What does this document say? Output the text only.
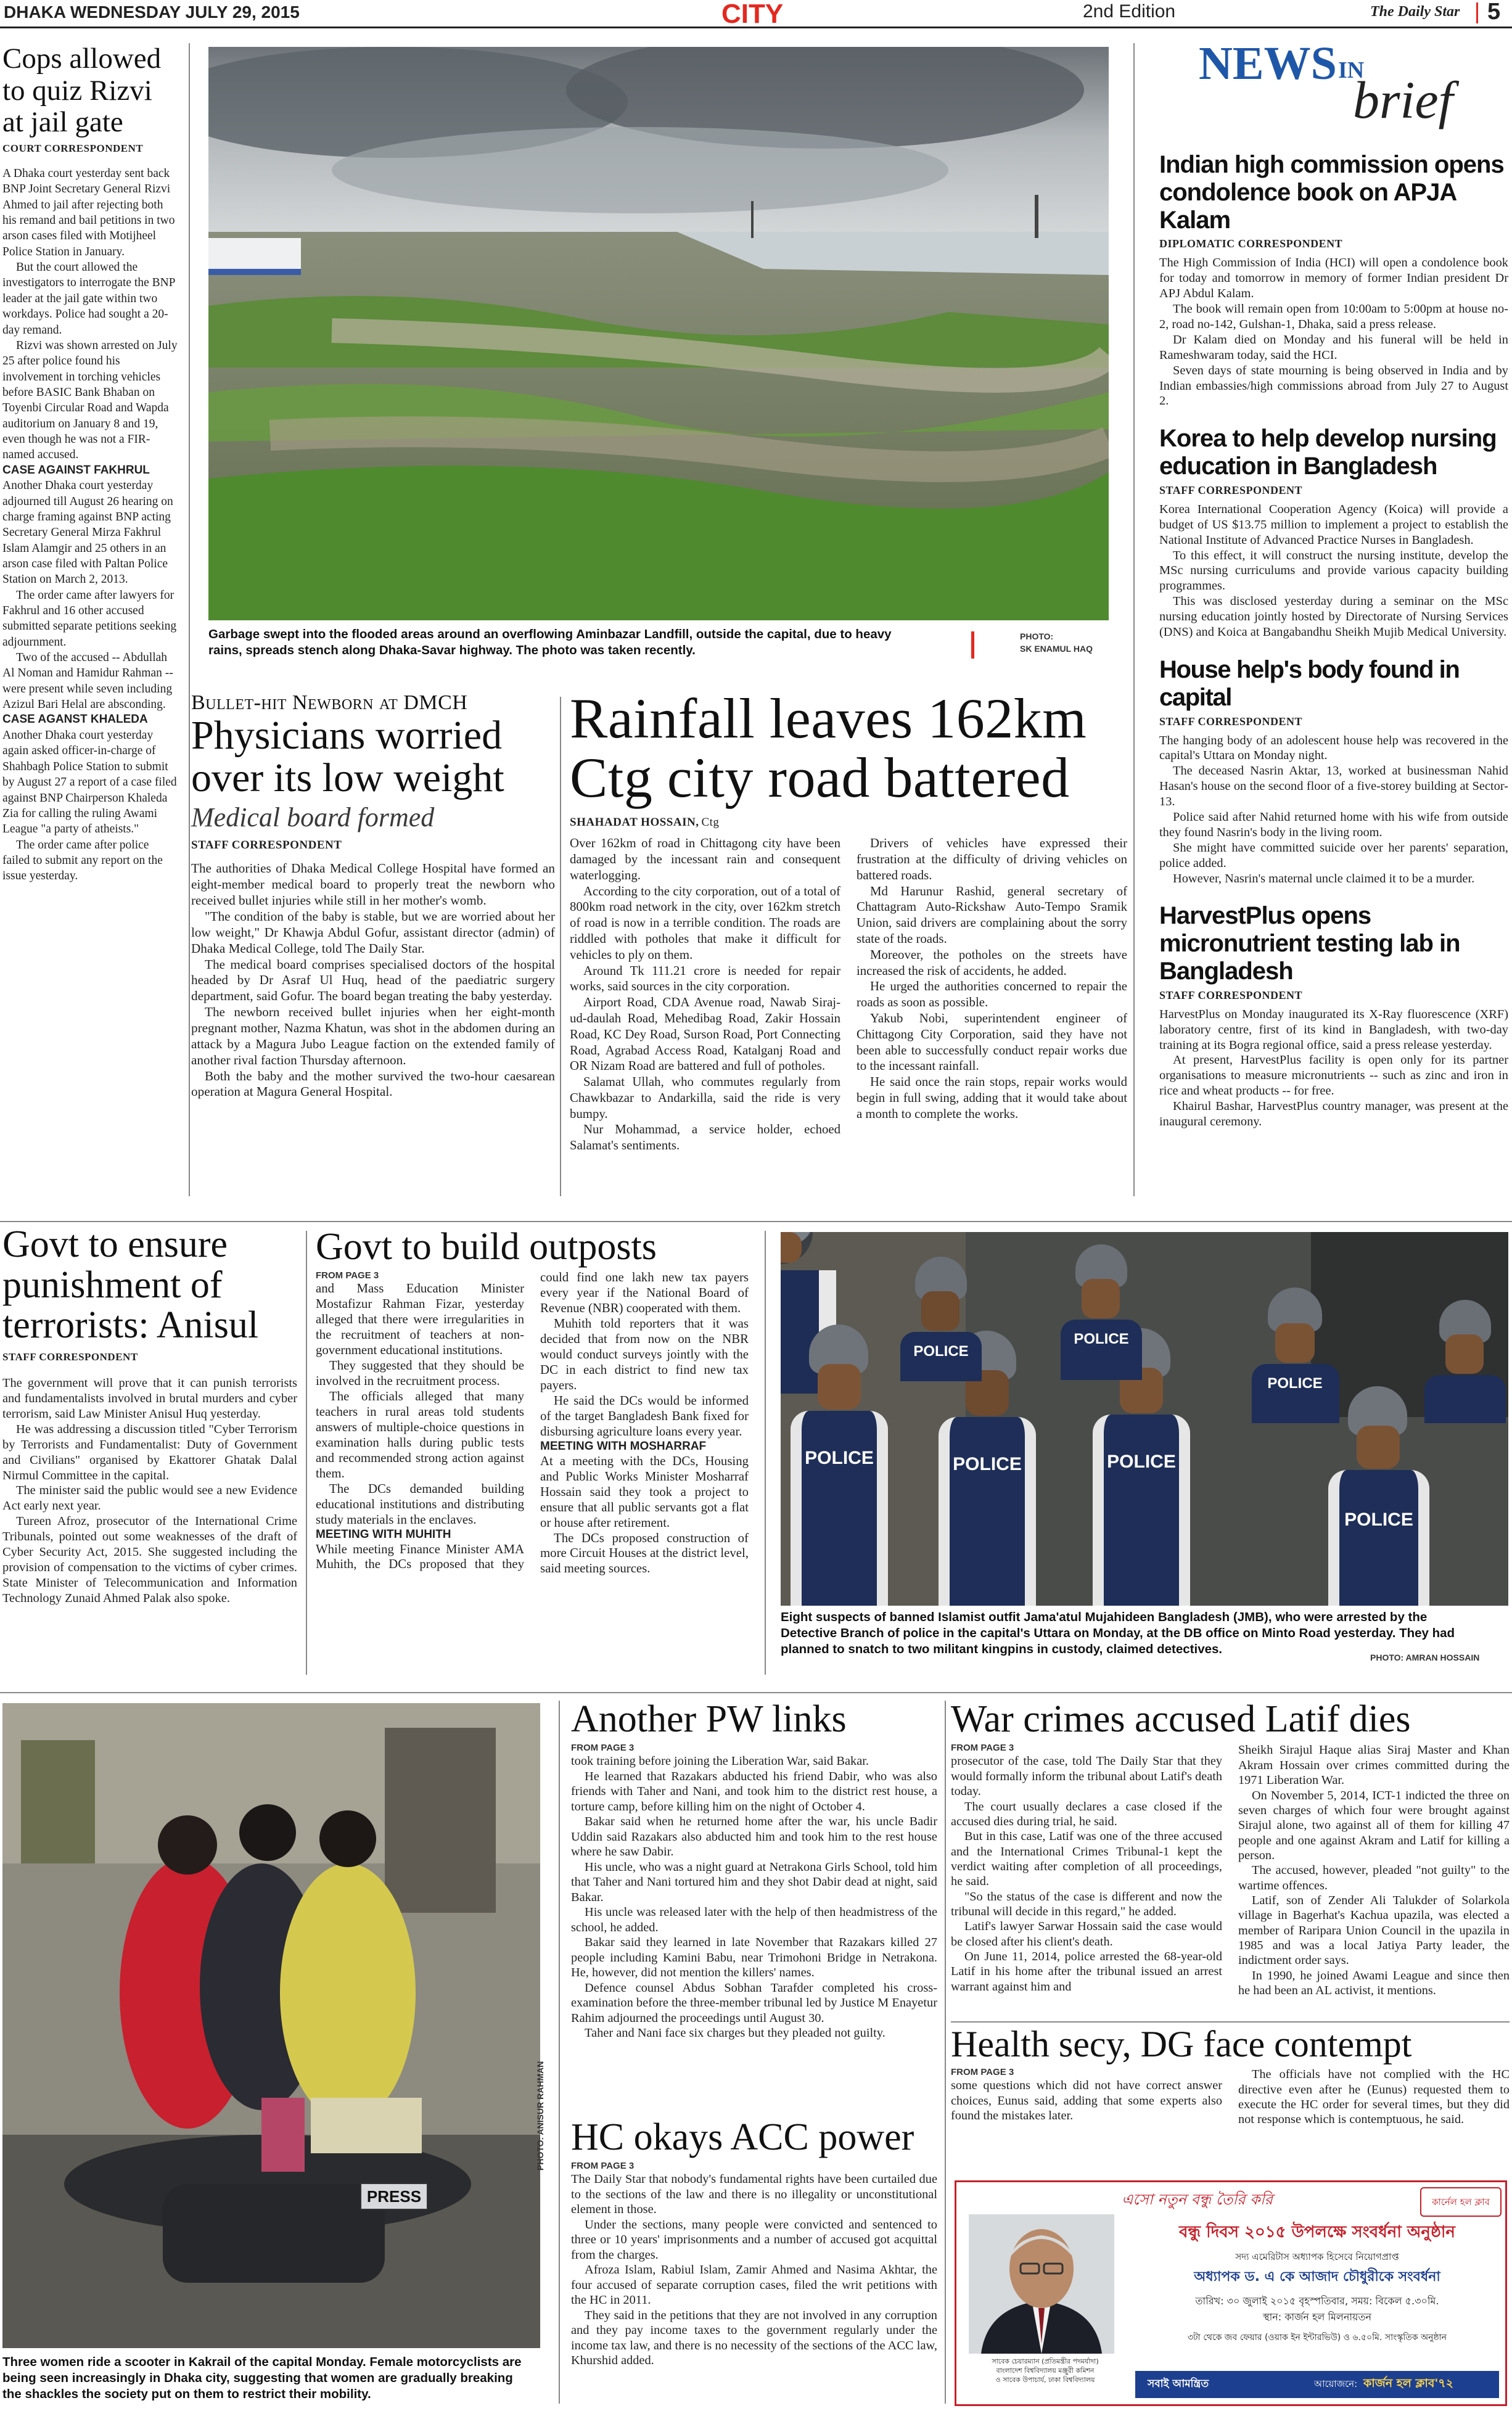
DHAKA WEDNESDAY JULY 29, 2015	CITY	2nd Edition	The Daily Star 5
Cops allowed to quiz Rizvi at jail gate
COURT CORRESPONDENT

A Dhaka court yesterday sent back BNP Joint Secretary General Rizvi Ahmed to jail after rejecting both his remand and bail petitions in two arson cases filed with Motijheel Police Station in January.

But the court allowed the investigators to interrogate the BNP leader at the jail gate within two workdays. Police had sought a 20-day remand.

Rizvi was shown arrested on July 25 after police found his involvement in torching vehicles before BASIC Bank Bhaban on Toyenbi Circular Road and Wapda auditorium on January 8 and 19, even though he was not a FIR-named accused.

CASE AGAINST FAKHRUL

Another Dhaka court yesterday adjourned till August 26 hearing on charge framing against BNP acting Secretary General Mirza Fakhrul Islam Alamgir and 25 others in an arson case filed with Paltan Police Station on March 2, 2013.

The order came after lawyers for Fakhrul and 16 other accused submitted separate petitions seeking adjournment.

Two of the accused -- Abdullah Al Noman and Hamidur Rahman -- were present while seven including Azizul Bari Helal are absconding.

CASE AGANST KHALEDA

Another Dhaka court yesterday again asked officer-in-charge of Shahbagh Police Station to submit by August 27 a report of a case filed against BNP Chairperson Khaleda Zia for calling the ruling Awami League "a party of atheists."

The order came after police failed to submit any report on the issue yesterday.

Garbage swept into the flooded areas around an overflowing Aminbazar Landfill, outside the capital, due to heavy rains, spreads stench along Dhaka-Savar highway. The photo was taken recently.
PHOTO:
SK ENAMUL HAQ
Bullet-hit Newborn at DMCH
Physicians worried over its low weight
Medical board formed
STAFF CORRESPONDENT

The authorities of Dhaka Medical College Hospital have formed an eight-member medical board to properly treat the newborn who received bullet injuries while still in her mother's womb.

"The condition of the baby is stable, but we are worried about her low weight," Dr Khawja Abdul Gofur, assistant director (admin) of Dhaka Medical College, told The Daily Star.

The medical board comprises specialised doctors of the hospital headed by Dr Asraf Ul Huq, head of the paediatric surgery department, said Gofur. The board began treating the baby yesterday.

The newborn received bullet injuries when her eight-month pregnant mother, Nazma Khatun, was shot in the abdomen during an attack by a Magura Jubo League faction on the extended family of another rival faction Thursday afternoon.

Both the baby and the mother survived the two-hour caesarean operation at Magura General Hospital.

Rainfall leaves 162km Ctg city road battered
SHAHADAT HOSSAIN, Ctg

Over 162km of road in Chittagong city have been damaged by the incessant rain and consequent waterlogging.

According to the city corporation, out of a total of 800km road network in the city, over 162km stretch of road is now in a terrible condition. The roads are riddled with potholes that make it difficult for vehicles to ply on them.

Around Tk 111.21 crore is needed for repair works, said sources in the city corporation.

Airport Road, CDA Avenue road, Nawab Siraj-ud-daulah Road, Mehedibag Road, Zakir Hossain Road, KC Dey Road, Surson Road, Port Connecting Road, Agrabad Access Road, Katalganj Road and OR Nizam Road are battered and full of potholes.

Salamat Ullah, who commutes regularly from Chawkbazar to Andarkilla, said the ride is very bumpy.

Nur Mohammad, a service holder, echoed Salamat's sentiments.

Drivers of vehicles have expressed their frustration at the difficulty of driving vehicles on battered roads.

Md Harunur Rashid, general secretary of Chattagram Auto-Rickshaw Auto-Tempo Sramik Union, said drivers are complaining about the sorry state of the roads.

Moreover, the potholes on the streets have increased the risk of accidents, he added.

He urged the authorities concerned to repair the roads as soon as possible.

Yakub Nobi, superintendent engineer of Chittagong City Corporation, said they have not been able to successfully conduct repair works due to the incessant rainfall.

He said once the rain stops, repair works would begin in full swing, adding that it would take about a month to complete the works.

NEWS IN
brief
Indian high commission opens condolence book on APJA Kalam
DIPLOMATIC CORRESPONDENT

The High Commission of India (HCI) will open a condolence book for today and tomorrow in memory of former Indian president Dr APJ Abdul Kalam.

The book will remain open from 10:00am to 5:00pm at house no-2, road no-142, Gulshan-1, Dhaka, said a press release.

Dr Kalam died on Monday and his funeral will be held in Rameshwaram today, said the HCI.

Seven days of state mourning is being observed in India and by Indian embassies/high commissions abroad from July 27 to August 2.

Korea to help develop nursing education in Bangladesh
STAFF CORRESPONDENT

Korea International Cooperation Agency (Koica) will provide a budget of US $13.75 million to implement a project to establish the National Institute of Advanced Practice Nurses in Bangladesh.

To this effect, it will construct the nursing institute, develop the MSc nursing curriculums and provide various capacity building programmes.

This was disclosed yesterday during a seminar on the MSc nursing education jointly hosted by Directorate of Nursing Services (DNS) and Koica at Bangabandhu Sheikh Mujib Medical University.

House help's body found in capital
STAFF CORRESPONDENT

The hanging body of an adolescent house help was recovered in the capital's Uttara on Monday night.

The deceased Nasrin Aktar, 13, worked at businessman Nahid Hasan's house on the second floor of a five-storey building at Sector-13.

Police said after Nahid returned home with his wife from outside they found Nasrin's body in the living room.

She might have committed suicide over her parents' separation, police added.

However, Nasrin's maternal uncle claimed it to be a murder.

HarvestPlus opens micronutrient testing lab in Bangladesh
STAFF CORRESPONDENT

HarvestPlus on Monday inaugurated its X-Ray fluorescence (XRF) laboratory centre, first of its kind in Bangladesh, with two-day training at its Bogra regional office, said a press release yesterday.

At present, HarvestPlus facility is open only for its partner organisations to measure micronutrients -- such as zinc and iron in rice and wheat products -- for free.

Khairul Bashar, HarvestPlus country manager, was present at the inaugural ceremony.

Govt to ensure punishment of terrorists: Anisul
STAFF CORRESPONDENT

The government will prove that it can punish terrorists and fundamentalists involved in brutal murders and cyber terrorism, said Law Minister Anisul Huq yesterday.

He was addressing a discussion titled "Cyber Terrorism by Terrorists and Fundamentalist: Duty of Government and Civilians" organised by Ekattorer Ghatak Dalal Nirmul Committee in the capital.

The minister said the public would see a new Evidence Act early next year.

Tureen Afroz, prosecutor of the International Crime Tribunals, pointed out some weaknesses of the draft of Cyber Security Act, 2015. She suggested including the provision of compensation to the victims of cyber crimes. State Minister of Telecommunication and Information Technology Zunaid Ahmed Palak also spoke.

Govt to build outposts

FROM PAGE 3

and Mass Education Minister Mostafizur Rahman Fizar, yesterday alleged that there were irregularities in the recruitment of teachers at non-government educational institutions.

They suggested that they should be involved in the recruitment process.

The officials alleged that many teachers in rural areas told students answers of multiple-choice questions in examination halls during public tests and recommended strong action against them.

The DCs demanded building educational institutions and distributing study materials in the enclaves.

MEETING WITH MUHITH

While meeting Finance Minister AMA Muhith, the DCs proposed that they could find one lakh new tax payers every year if the National Board of Revenue (NBR) cooperated with them.

Muhith told reporters that it was decided that from now on the NBR would conduct surveys jointly with the DC in each district to find new tax payers.

He said the DCs would be informed of the target Bangladesh Bank fixed for disbursing agriculture loans every year.

MEETING WITH MOSHARRAF

At a meeting with the DCs, Housing and Public Works Minister Mosharraf Hossain said they took a project to ensure that all public servants got a flat or house after retirement.

The DCs proposed construction of more Circuit Houses at the district level, said meeting sources.

POLICE	POLICE	POLICE
POLICE
POLICE
POLICE
POLICE
Eight suspects of banned Islamist outfit Jama'atul Mujahideen Bangladesh (JMB), who were arrested by the Detective Branch of police in the capital's Uttara on Monday, at the DB office on Minto Road yesterday. They had planned to snatch to two militant kingpins in custody, claimed detectives.
PHOTO: AMRAN HOSSAIN
PRESS
PHOTO: ANISUR RAHMAN
Three women ride a scooter in Kakrail of the capital Monday. Female motorcyclists are being seen increasingly in Dhaka city, suggesting that women are gradually breaking the shackles the society put on them to restrict their mobility.
Another PW links

FROM PAGE 3

took training before joining the Liberation War, said Bakar.

He learned that Razakars abducted his friend Dabir, who was also friends with Taher and Nani, and took him to the district rest house, a torture camp, before killing him on the night of October 4.

Bakar said when he returned home after the war, his uncle Badir Uddin said Razakars also abducted him and took him to the rest house where he saw Dabir.

His uncle, who was a night guard at Netrakona Girls School, told him that Taher and Nani tortured him and they shot Dabir dead at night, said Bakar.

His uncle was released later with the help of then headmistress of the school, he added.

Bakar said they learned in late November that Razakars killed 27 people including Kamini Babu, near Trimohoni Bridge in Netrakona. He, however, did not mention the killers' names.

Defence counsel Abdus Sobhan Tarafder completed his cross-examination before the three-member tribunal led by Justice M Enayetur Rahim adjourned the proceedings until August 30.

Taher and Nani face six charges but they pleaded not guilty.

HC okays ACC power

FROM PAGE 3

The Daily Star that nobody's fundamental rights have been curtailed due to the sections of the law and there is no illegality or unconstitutional element in those.

Under the sections, many people were convicted and sentenced to three or 10 years' imprisonments and a number of accused got acquittal from the charges.

Afroza Islam, Rabiul Islam, Zamir Ahmed and Nasima Akhtar, the four accused of separate corruption cases, filed the writ petitions with the HC in 2011.

They said in the petitions that they are not involved in any corruption and they pay income taxes to the government regularly under the income tax law, and there is no necessity of the sections of the ACC law, Khurshid added.

War crimes accused Latif dies

FROM PAGE 3

prosecutor of the case, told The Daily Star that they would formally inform the tribunal about Latif's death today.

The court usually declares a case closed if the accused dies during trial, he said.

But in this case, Latif was one of the three accused and the International Crimes Tribunal-1 kept the verdict waiting after completion of all proceedings, he said.

"So the status of the case is different and now the tribunal will decide in this regard," he added.

Latif's lawyer Sarwar Hossain said the case would be closed after his client's death.

On June 11, 2014, police arrested the 68-year-old Latif in his home after the tribunal issued an arrest warrant against him and

Sheikh Sirajul Haque alias Siraj Master and Khan Akram Hossain over crimes committed during the 1971 Liberation War.

On November 5, 2014, ICT-1 indicted the three on seven charges of which four were brought against Sirajul alone, two against all of them for killing 47 people and one against Akram and Latif for killing a person.

The accused, however, pleaded "not guilty" to the wartime offences.

Latif, son of Zender Ali Talukder of Solarkola village in Bagerhat's Kachua upazila, was elected a member of Raripara Union Council in the upazila in 1985 and was a local Jatiya Party leader, the indictment order says.

In 1990, he joined Awami League and since then he had been an AL activist, it mentions.

Health secy, DG face contempt

FROM PAGE 3

some questions which did not have correct answer choices, Eunus said, adding that some experts also found the mistakes later.

The officials have not complied with the HC directive even after he (Eunus) requested them to execute the HC order for several times, but they did not response which is contemptuous, he said.

এসো নতুন বন্ধু তৈরি করি	কার্নেল হল ক্লাব
বন্ধু দিবস ২০১৫ উপলক্ষে সংবর্ধনা অনুষ্ঠান
সদ্য এমেরিটাস অধ্যাপক হিসেবে নিয়োগপ্রাপ্ত
অধ্যাপক ড. এ কে আজাদ চৌধুরীকে সংবর্ধনা
তারিখ: ৩০ জুলাই ২০১৫ বৃহস্পতিবার, সময়: বিকেল ৫.৩০মি.
স্থান: কার্জন হল মিলনায়তন
৩টা থেকে জব ফেয়ার (ওয়াক ইন ইন্টারভিউ) ও ৬.৫০মি. সাংস্কৃতিক অনুষ্ঠান
সাবেক চেয়ারম্যান (প্রতিমন্ত্রীর পদমর্যাদা)
বাংলাদেশ বিশ্ববিদ্যালয় মঞ্জুরী কমিশন
ও সাবেক উপাচার্য, ঢাকা বিশ্ববিদ্যালয়	সবাই আমন্ত্রিত	আয়োজনে: কার্জন হল ক্লাব'৭২
